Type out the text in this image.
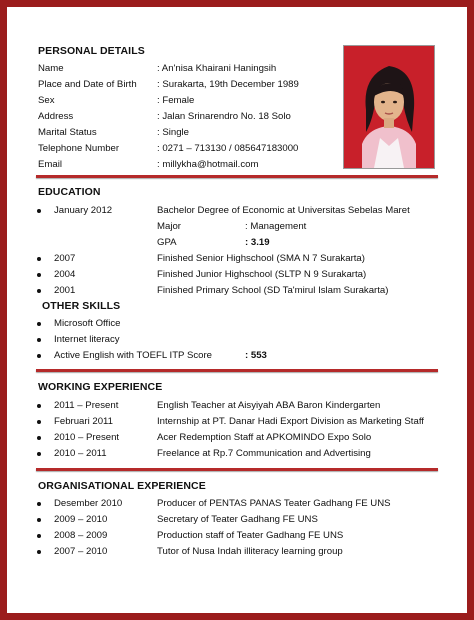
PERSONAL DETAILS
Name	: An'nisa Khairani Haningsih
Place and Date of Birth : Surakarta, 19th December 1989
Sex	: Female
Address	: Jalan Srinarendro No. 18 Solo
Marital Status	: Single
Telephone Number	: 0271 – 713130 / 085647183000
Email	: millykha@hotmail.com
EDUCATION
January 2012	Bachelor Degree of Economic at Universitas Sebelas Maret
Major	: Management
GPA	: 3.19
2007	Finished Senior Highschool (SMA N 7 Surakarta)
2004	Finished Junior Highschool (SLTP N 9 Surakarta)
2001	Finished Primary School (SD Ta'mirul Islam Surakarta)
OTHER SKILLS
Microsoft Office
Internet literacy
Active English with TOEFL ITP Score	: 553
WORKING EXPERIENCE
2011 – Present	English Teacher at Aisyiyah ABA Baron Kindergarten
Februari 2011	Internship at PT. Danar Hadi Export Division as Marketing Staff
2010 – Present	Acer Redemption Staff at APKOMINDO Expo Solo
2010 – 2011	Freelance at Rp.7 Communication and Advertising
ORGANISATIONAL EXPERIENCE
Desember 2010	Producer of PENTAS PANAS Teater Gadhang FE UNS
2009 – 2010	Secretary of Teater Gadhang FE UNS
2008 – 2009	Production staff of Teater Gadhang FE UNS
2007 – 2010	Tutor of Nusa Indah illiteracy learning group
